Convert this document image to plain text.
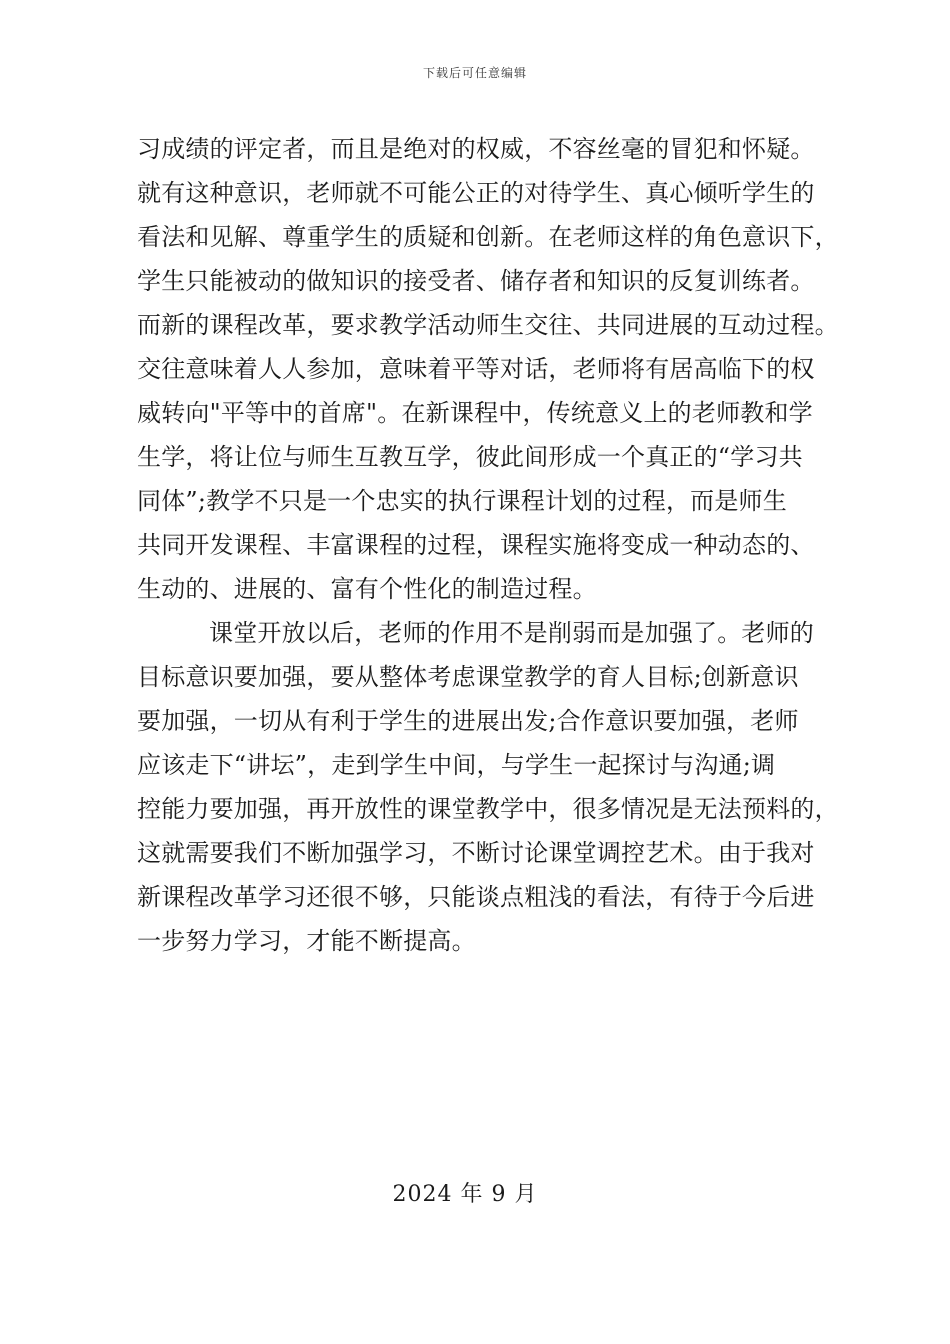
下载后可任意编辑
习成绩的评定者，而且是绝对的权威，不容丝毫的冒犯和怀疑。
就有这种意识，老师就不可能公正的对待学生、真心倾听学生的
看法和见解、尊重学生的质疑和创新。在老师这样的角色意识下，
学生只能被动的做知识的接受者、储存者和知识的反复训练者。
而新的课程改革，要求教学活动师生交往、共同进展的互动过程。
交往意味着人人参加，意味着平等对话，老师将有居高临下的权
威转向"平等中的首席"。在新课程中，传统意义上的老师教和学
生学，将让位与师生互教互学，彼此间形成一个真正的“学习共
同体”;教学不只是一个忠实的执行课程计划的过程，而是师生
共同开发课程、丰富课程的过程，课程实施将变成一种动态的、
生动的、进展的、富有个性化的制造过程。
课堂开放以后，老师的作用不是削弱而是加强了。老师的
目标意识要加强，要从整体考虑课堂教学的育人目标;创新意识
要加强，一切从有利于学生的进展出发;合作意识要加强，老师
应该走下“讲坛”，走到学生中间，与学生一起探讨与沟通;调
控能力要加强，再开放性的课堂教学中，很多情况是无法预料的，
这就需要我们不断加强学习，不断讨论课堂调控艺术。由于我对
新课程改革学习还很不够，只能谈点粗浅的看法，有待于今后进
一步努力学习，才能不断提高。
2024 年 9 月
